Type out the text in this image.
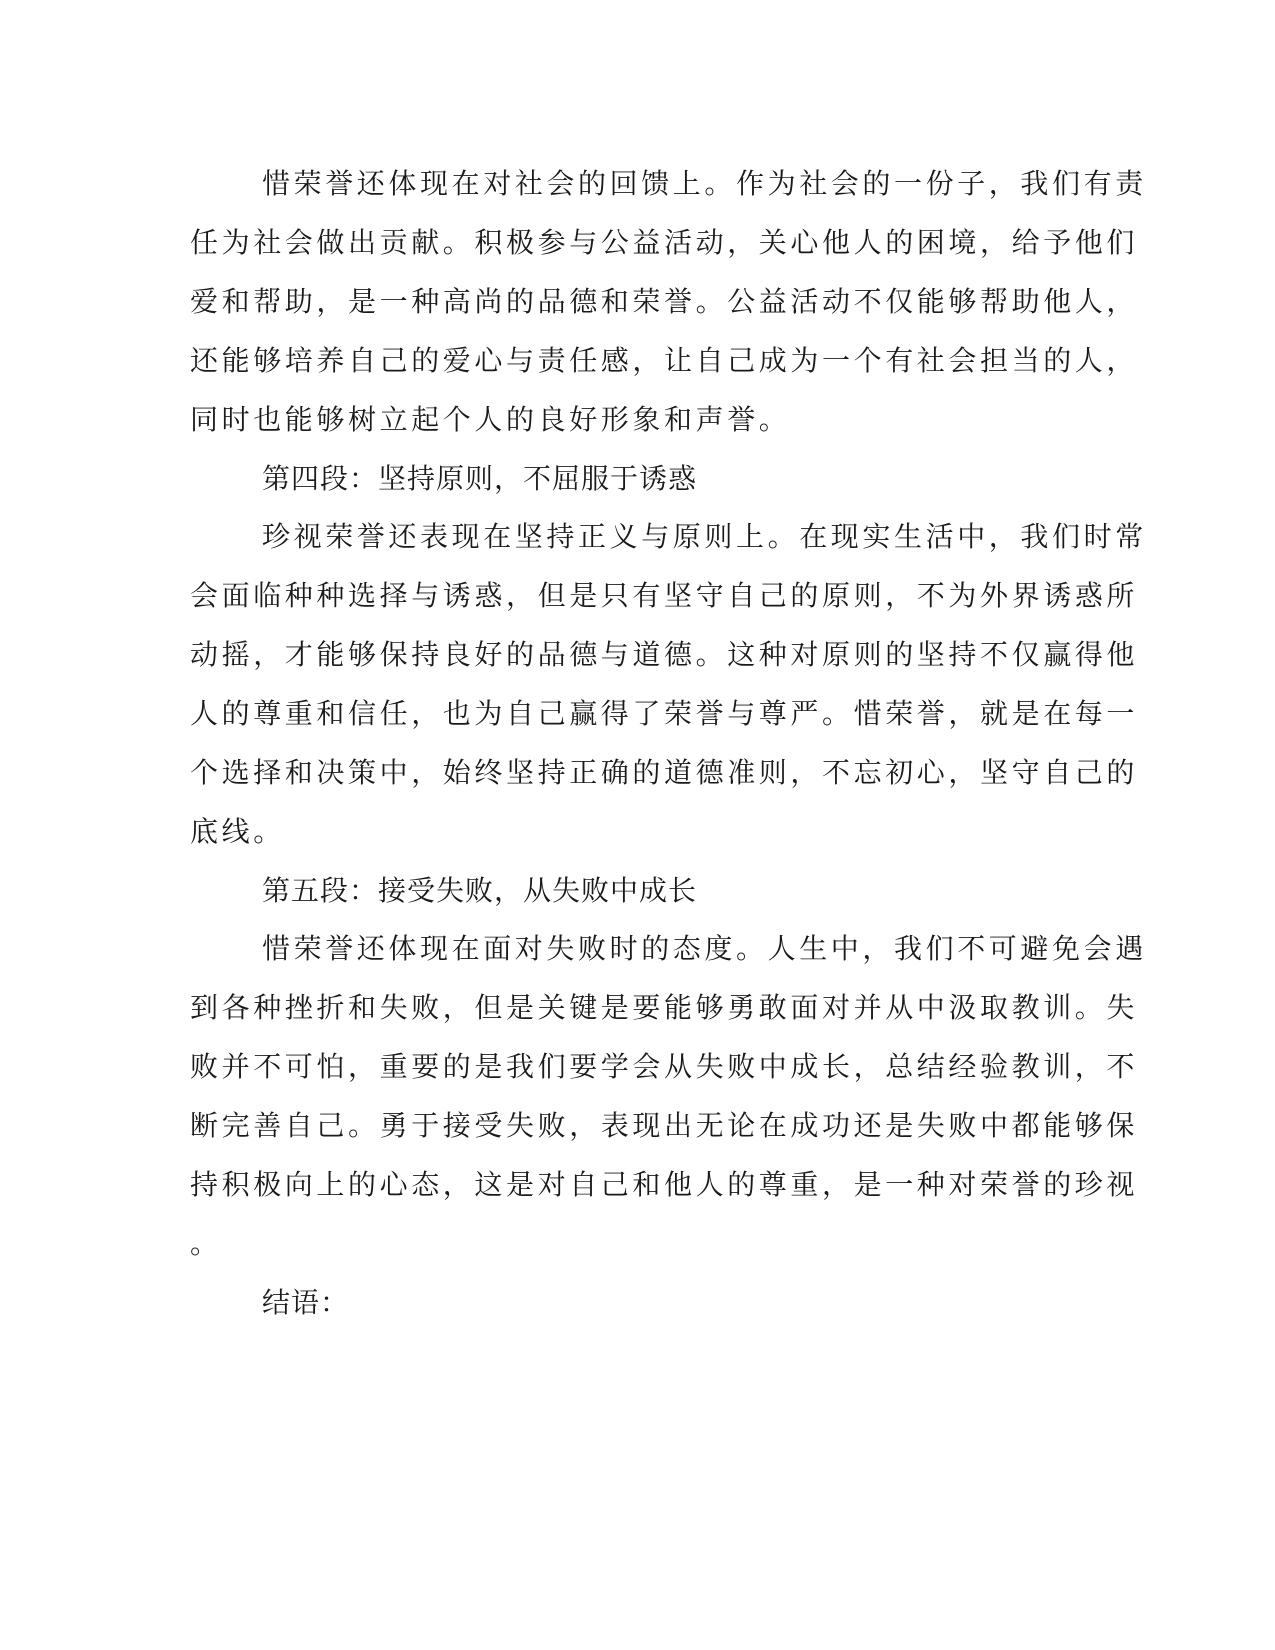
惜荣誉还体现在对社会的回馈上。作为社会的一份子，我们有责
任为社会做出贡献。积极参与公益活动，关心他人的困境，给予他们
爱和帮助，是一种高尚的品德和荣誉。公益活动不仅能够帮助他人，
还能够培养自己的爱心与责任感，让自己成为一个有社会担当的人，
同时也能够树立起个人的良好形象和声誉。
第四段：坚持原则，不屈服于诱惑
珍视荣誉还表现在坚持正义与原则上。在现实生活中，我们时常
会面临种种选择与诱惑，但是只有坚守自己的原则，不为外界诱惑所
动摇，才能够保持良好的品德与道德。这种对原则的坚持不仅赢得他
人的尊重和信任，也为自己赢得了荣誉与尊严。惜荣誉，就是在每一
个选择和决策中，始终坚持正确的道德准则，不忘初心，坚守自己的
底线。
第五段：接受失败，从失败中成长
惜荣誉还体现在面对失败时的态度。人生中，我们不可避免会遇
到各种挫折和失败，但是关键是要能够勇敢面对并从中汲取教训。失
败并不可怕，重要的是我们要学会从失败中成长，总结经验教训，不
断完善自己。勇于接受失败，表现出无论在成功还是失败中都能够保
持积极向上的心态，这是对自己和他人的尊重，是一种对荣誉的珍视
。
结语：
